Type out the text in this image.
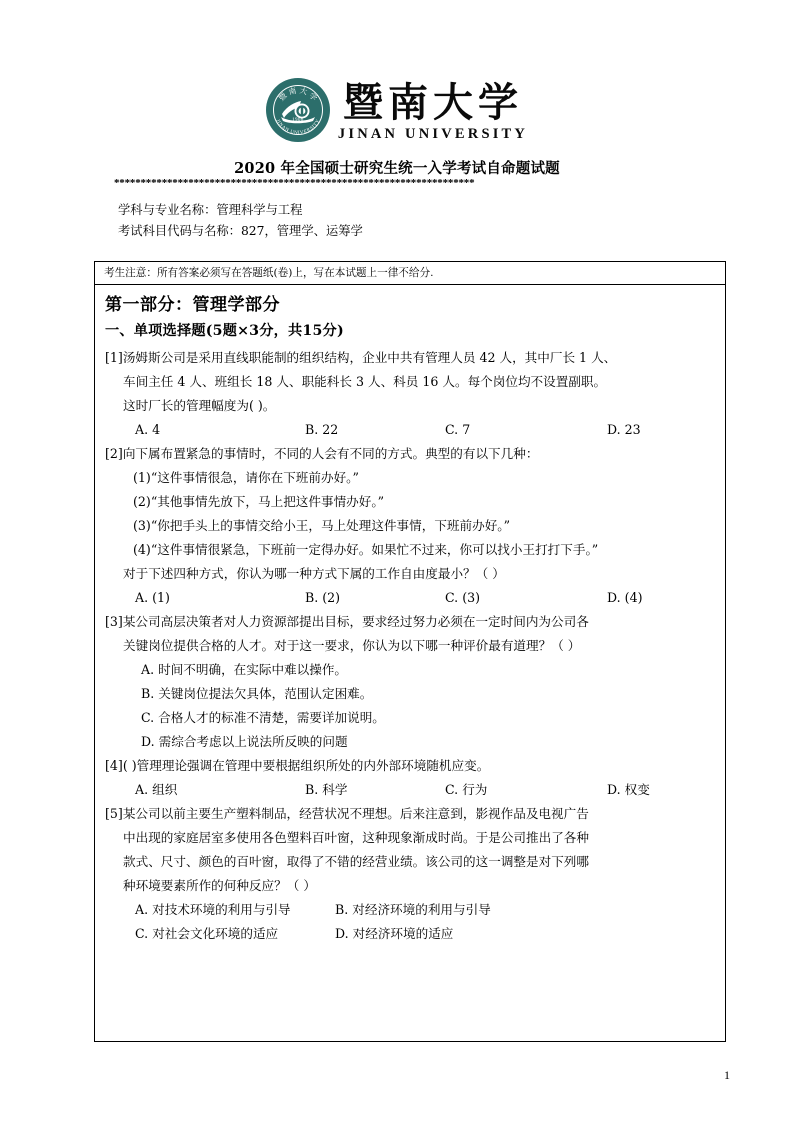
暨 南 大 学
1906
JINAN UNIVERSITY 暨南大学
JINAN UNIVERSITY
2020 年全国硕士研究生统一入学考试自命题试题
********************************************************************
学科与专业名称：管理科学与工程
考试科目代码与名称：827，管理学、运筹学
考生注意：所有答案必须写在答题纸(卷)上，写在本试题上一律不给分.
第一部分：管理学部分
一、单项选择题(5题×3分，共15分)
[1]汤姆斯公司是采用直线职能制的组织结构，企业中共有管理人员 42 人，其中厂长 1 人、
车间主任 4 人、班组长 18 人、职能科长 3 人、科员 16 人。每个岗位均不设置副职。
这时厂长的管理幅度为( )。
A. 4	B. 22	C. 7	D. 23
[2]向下属布置紧急的事情时，不同的人会有不同的方式。典型的有以下几种：
(1)“这件事情很急，请你在下班前办好。”
(2)“其他事情先放下，马上把这件事情办好。”
(3)“你把手头上的事情交给小王，马上处理这件事情，下班前办好。”
(4)“这件事情很紧急，下班前一定得办好。如果忙不过来，你可以找小王打打下手。”
对于下述四种方式，你认为哪一种方式下属的工作自由度最小？（ ）
A. (1)	B. (2)	C. (3)	D. (4)
[3]某公司高层决策者对人力资源部提出目标，要求经过努力必须在一定时间内为公司各
关键岗位提供合格的人才。对于这一要求，你认为以下哪一种评价最有道理？（ ）
A. 时间不明确，在实际中难以操作。
B. 关键岗位提法欠具体，范围认定困难。
C. 合格人才的标准不清楚，需要详加说明。
D. 需综合考虑以上说法所反映的问题
[4]( )管理理论强调在管理中要根据组织所处的内外部环境随机应变。
A. 组织	B. 科学	C. 行为	D. 权变
[5]某公司以前主要生产塑料制品，经营状况不理想。后来注意到，影视作品及电视广告
中出现的家庭居室多使用各色塑料百叶窗，这种现象渐成时尚。于是公司推出了各种
款式、尺寸、颜色的百叶窗，取得了不错的经营业绩。该公司的这一调整是对下列哪
种环境要素所作的何种反应？（ ）
A. 对技术环境的利用与引导	B. 对经济环境的利用与引导
C. 对社会文化环境的适应	D. 对经济环境的适应
1
